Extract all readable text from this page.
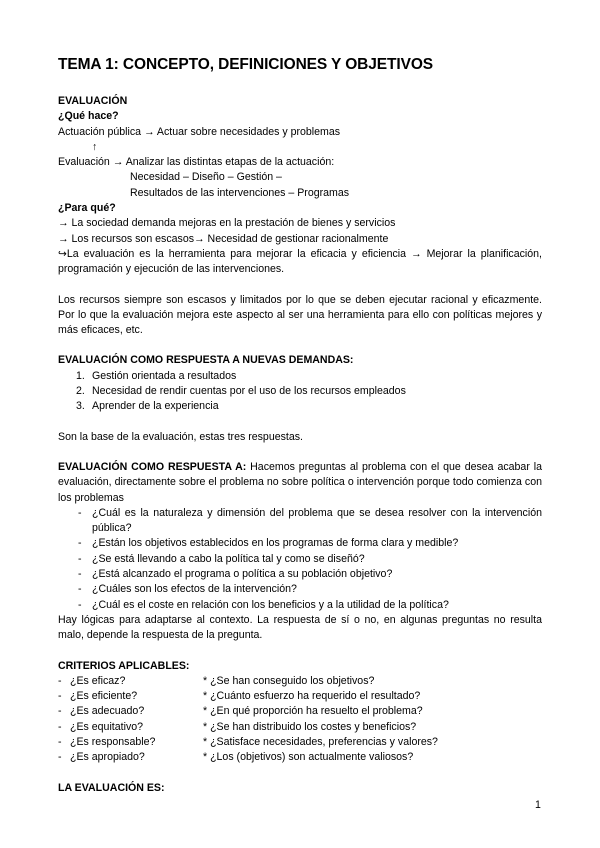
TEMA 1: CONCEPTO, DEFINICIONES Y OBJETIVOS

EVALUACIÓN

¿Qué hace?

Actuación pública → Actuar sobre necesidades y problemas

↑

Evaluación → Analizar las distintas etapas de la actuación:

Necesidad – Diseño – Gestión –

Resultados de las intervenciones – Programas

¿Para qué?

→ La sociedad demanda mejoras en la prestación de bienes y servicios

→ Los recursos son escasos→ Necesidad de gestionar racionalmente

↪La evaluación es la herramienta para mejorar la eficacia y eficiencia → Mejorar la planificación, programación y ejecución de las intervenciones.

Los recursos siempre son escasos y limitados por lo que se deben ejecutar racional y eficazmente. Por lo que la evaluación mejora este aspecto al ser una herramienta para ello con políticas mejores y más eficaces, etc.

EVALUACIÓN COMO RESPUESTA A NUEVAS DEMANDAS:

1. Gestión orientada a resultados
2. Necesidad de rendir cuentas por el uso de los recursos empleados
3. Aprender de la experiencia

Son la base de la evaluación, estas tres respuestas.

EVALUACIÓN COMO RESPUESTA A: Hacemos preguntas al problema con el que desea acabar la evaluación, directamente sobre el problema no sobre política o intervención porque todo comienza con los problemas

- ¿Cuál es la naturaleza y dimensión del problema que se desea resolver con la intervención pública?
- ¿Están los objetivos establecidos en los programas de forma clara y medible?
- ¿Se está llevando a cabo la política tal y como se diseñó?
- ¿Está alcanzado el programa o política a su población objetivo?
- ¿Cuáles son los efectos de la intervención?
- ¿Cuál es el coste en relación con los beneficios y a la utilidad de la política?

Hay lógicas para adaptarse al contexto. La respuesta de sí o no, en algunas preguntas no resulta malo, depende la respuesta de la pregunta.

CRITERIOS APLICABLES:

- ¿Es eficaz?	* ¿Se han conseguido los objetivos?
- ¿Es eficiente?	* ¿Cuánto esfuerzo ha requerido el resultado?
- ¿Es adecuado?	* ¿En qué proporción ha resuelto el problema?
- ¿Es equitativo?	* ¿Se han distribuido los costes y beneficios?
- ¿Es responsable?	* ¿Satisface necesidades, preferencias y valores?
- ¿Es apropiado?	* ¿Los (objetivos) son actualmente valiosos?

LA EVALUACIÓN ES:

1
